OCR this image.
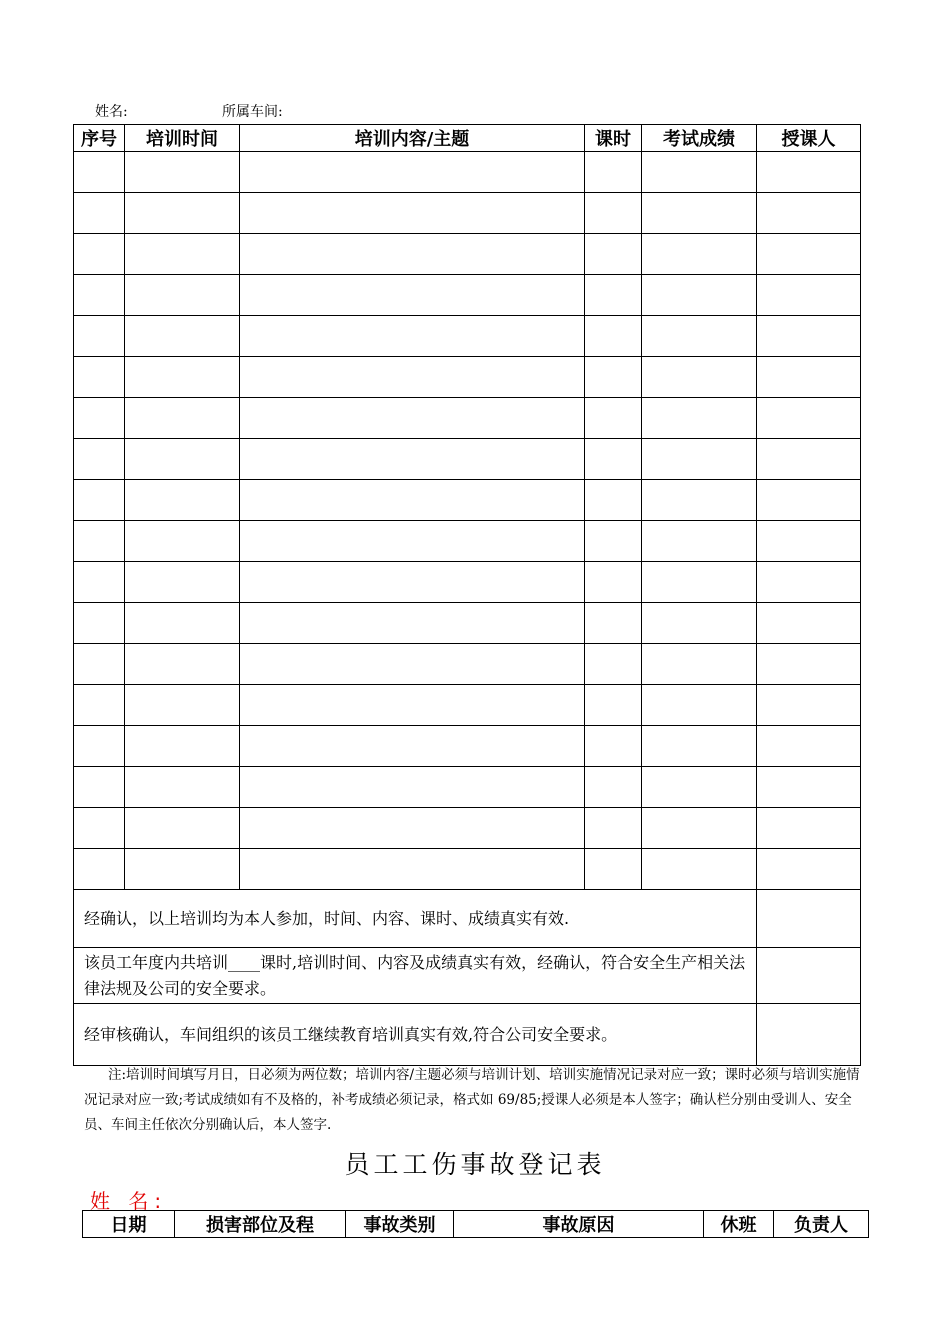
姓名:	所属车间:
序号	培训时间	培训内容/主题	课时	考试成绩	授课人

经确认，以上培训均为本人参加，时间、内容、课时、成绩真实有效.					
该员工年度内共培训____课时,培训时间、内容及成绩真实有效，经确认，符合安全生产相关法律法规及公司的安全要求。					
经审核确认，车间组织的该员工继续教育培训真实有效,符合公司安全要求。					
注:培训时间填写月日，日必须为两位数；培训内容/主题必须与培训计划、培训实施情况记录对应一致；课时必须与培训实施情况记录对应一致;考试成绩如有不及格的，补考成绩必须记录，格式如 69/85;授课人必须是本人签字；确认栏分别由受训人、安全员、车间主任依次分别确认后，本人签字.
员工工伤事故登记表
姓 名:
日期	损害部位及程	事故类别	事故原因	休班	负责人
